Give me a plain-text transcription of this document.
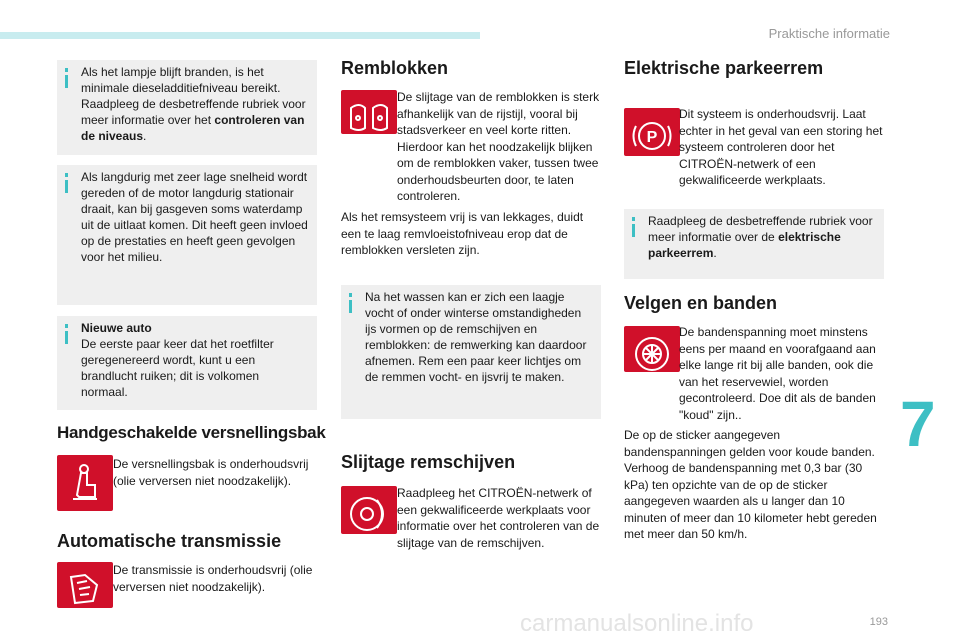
Praktische informatie
7
Als het lampje blijft branden, is het minimale dieseladditiefniveau bereikt. Raadpleeg de desbetreffende rubriek voor meer informatie over het controleren van de niveaus.
Als langdurig met zeer lage snelheid wordt gereden of de motor langdurig stationair draait, kan bij gasgeven soms waterdamp uit de uitlaat komen. Dit heeft geen invloed op de prestaties en heeft geen gevolgen voor het milieu.
Nieuwe auto
De eerste paar keer dat het roetfilter geregenereerd wordt, kunt u een brandlucht ruiken; dit is volkomen normaal.
Handgeschakelde versnellingsbak
De versnellingsbak is onderhoudsvrij (olie verversen niet noodzakelijk).
Automatische transmissie
De transmissie is onderhoudsvrij (olie verversen niet noodzakelijk).
Remblokken
De slijtage van de remblokken is sterk afhankelijk van de rijstijl, vooral bij stadsverkeer en veel korte ritten. Hierdoor kan het noodzakelijk blijken om de remblokken vaker, tussen twee onderhoudsbeurten door, te laten controleren.
Als het remsysteem vrij is van lekkages, duidt een te laag remvloeistofniveau erop dat de remblokken versleten zijn.
Na het wassen kan er zich een laagje vocht of onder winterse omstandigheden ijs vormen op de remschijven en remblokken: de remwerking kan daardoor afnemen. Rem een paar keer lichtjes om de remmen vocht- en ijsvrij te maken.
Slijtage remschijven
Raadpleeg het CITROËN-netwerk of een gekwalificeerde werkplaats voor informatie over het controleren van de slijtage van de remschijven.
Elektrische parkeerrem
P
Dit systeem is onderhoudsvrij. Laat echter in het geval van een storing het systeem controleren door het CITROËN-netwerk of een gekwalificeerde werkplaats.
Raadpleeg de desbetreffende rubriek voor meer informatie over de elektrische parkeerrem.
Velgen en banden
De bandenspanning moet minstens eens per maand en voorafgaand aan elke lange rit bij alle banden, ook die van het reservewiel, worden gecontroleerd. Doe dit als de banden "koud" zijn..
De op de sticker aangegeven bandenspanningen gelden voor koude banden. Verhoog de bandenspanning met 0,3 bar (30 kPa) ten opzichte van de op de sticker aangegeven waarden als u langer dan 10 minuten of meer dan 10 kilometer hebt gereden met meer dan 50 km/h.
carmanualsonline.info	193
